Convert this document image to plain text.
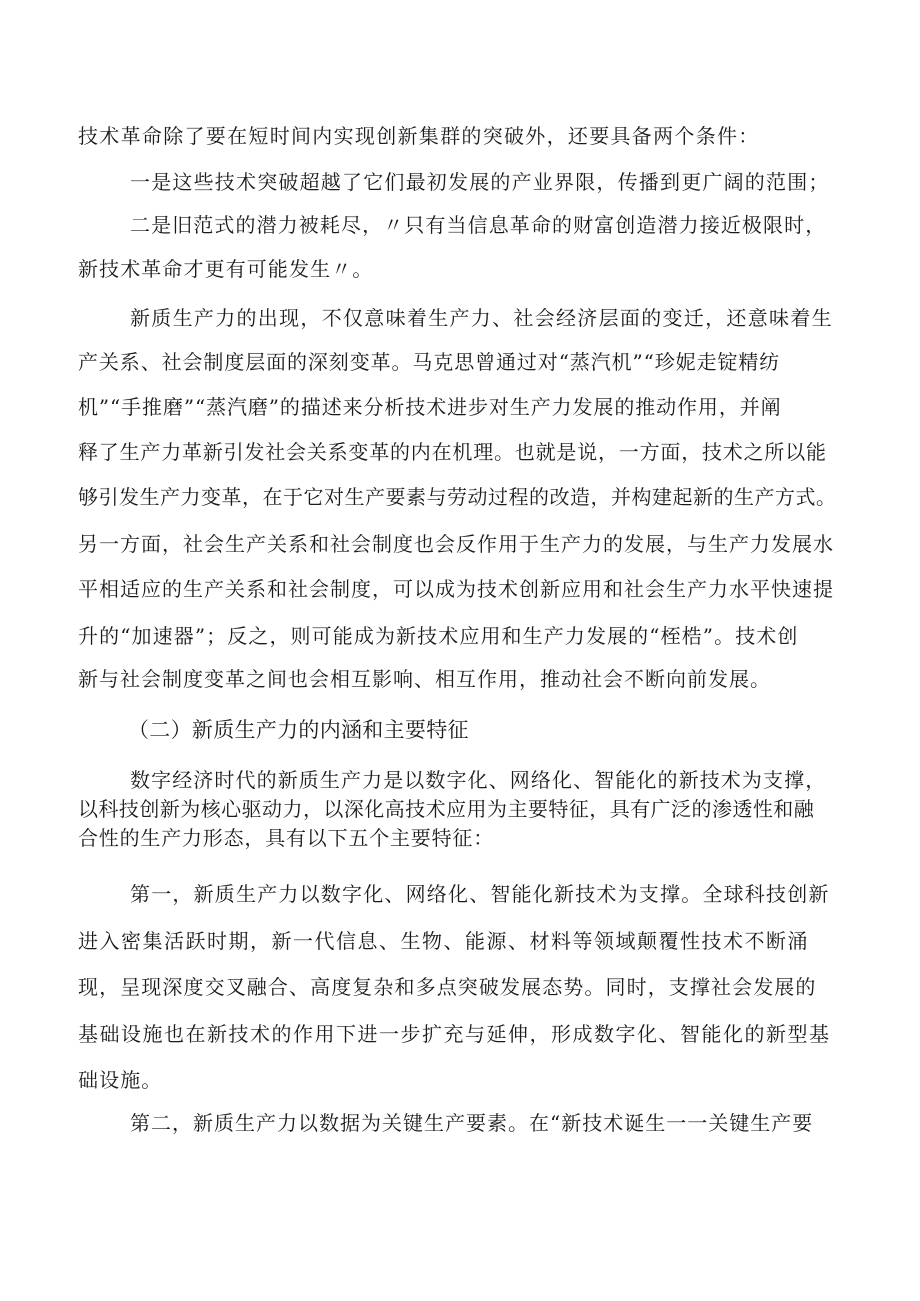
技术革命除了要在短时间内实现创新集群的突破外，还要具备两个条件：
一是这些技术突破超越了它们最初发展的产业界限，传播到更广阔的范围；
二是旧范式的潜力被耗尽，〃只有当信息革命的财富创造潜力接近极限时，
新技术革命才更有可能发生〃。
新质生产力的出现，不仅意味着生产力、社会经济层面的变迁，还意味着生
产关系、社会制度层面的深刻变革。马克思曾通过对“蒸汽机”“珍妮走锭精纺
机”“手推磨”“蒸汽磨”的描述来分析技术进步对生产力发展的推动作用，并阐
释了生产力革新引发社会关系变革的内在机理。也就是说，一方面，技术之所以能
够引发生产力变革，在于它对生产要素与劳动过程的改造，并构建起新的生产方式。
另一方面，社会生产关系和社会制度也会反作用于生产力的发展，与生产力发展水
平相适应的生产关系和社会制度，可以成为技术创新应用和社会生产力水平快速提
升的“加速器”；反之，则可能成为新技术应用和生产力发展的“桎梏”。技术创
新与社会制度变革之间也会相互影响、相互作用，推动社会不断向前发展。
（二）新质生产力的内涵和主要特征
数字经济时代的新质生产力是以数字化、网络化、智能化的新技术为支撑，
以科技创新为核心驱动力，以深化高技术应用为主要特征，具有广泛的渗透性和融
合性的生产力形态，具有以下五个主要特征：
第一，新质生产力以数字化、网络化、智能化新技术为支撑。全球科技创新
进入密集活跃时期，新一代信息、生物、能源、材料等领域颠覆性技术不断涌
现，呈现深度交叉融合、高度复杂和多点突破发展态势。同时，支撑社会发展的
基础设施也在新技术的作用下进一步扩充与延伸，形成数字化、智能化的新型基
础设施。
第二，新质生产力以数据为关键生产要素。在“新技术诞生一一关键生产要
